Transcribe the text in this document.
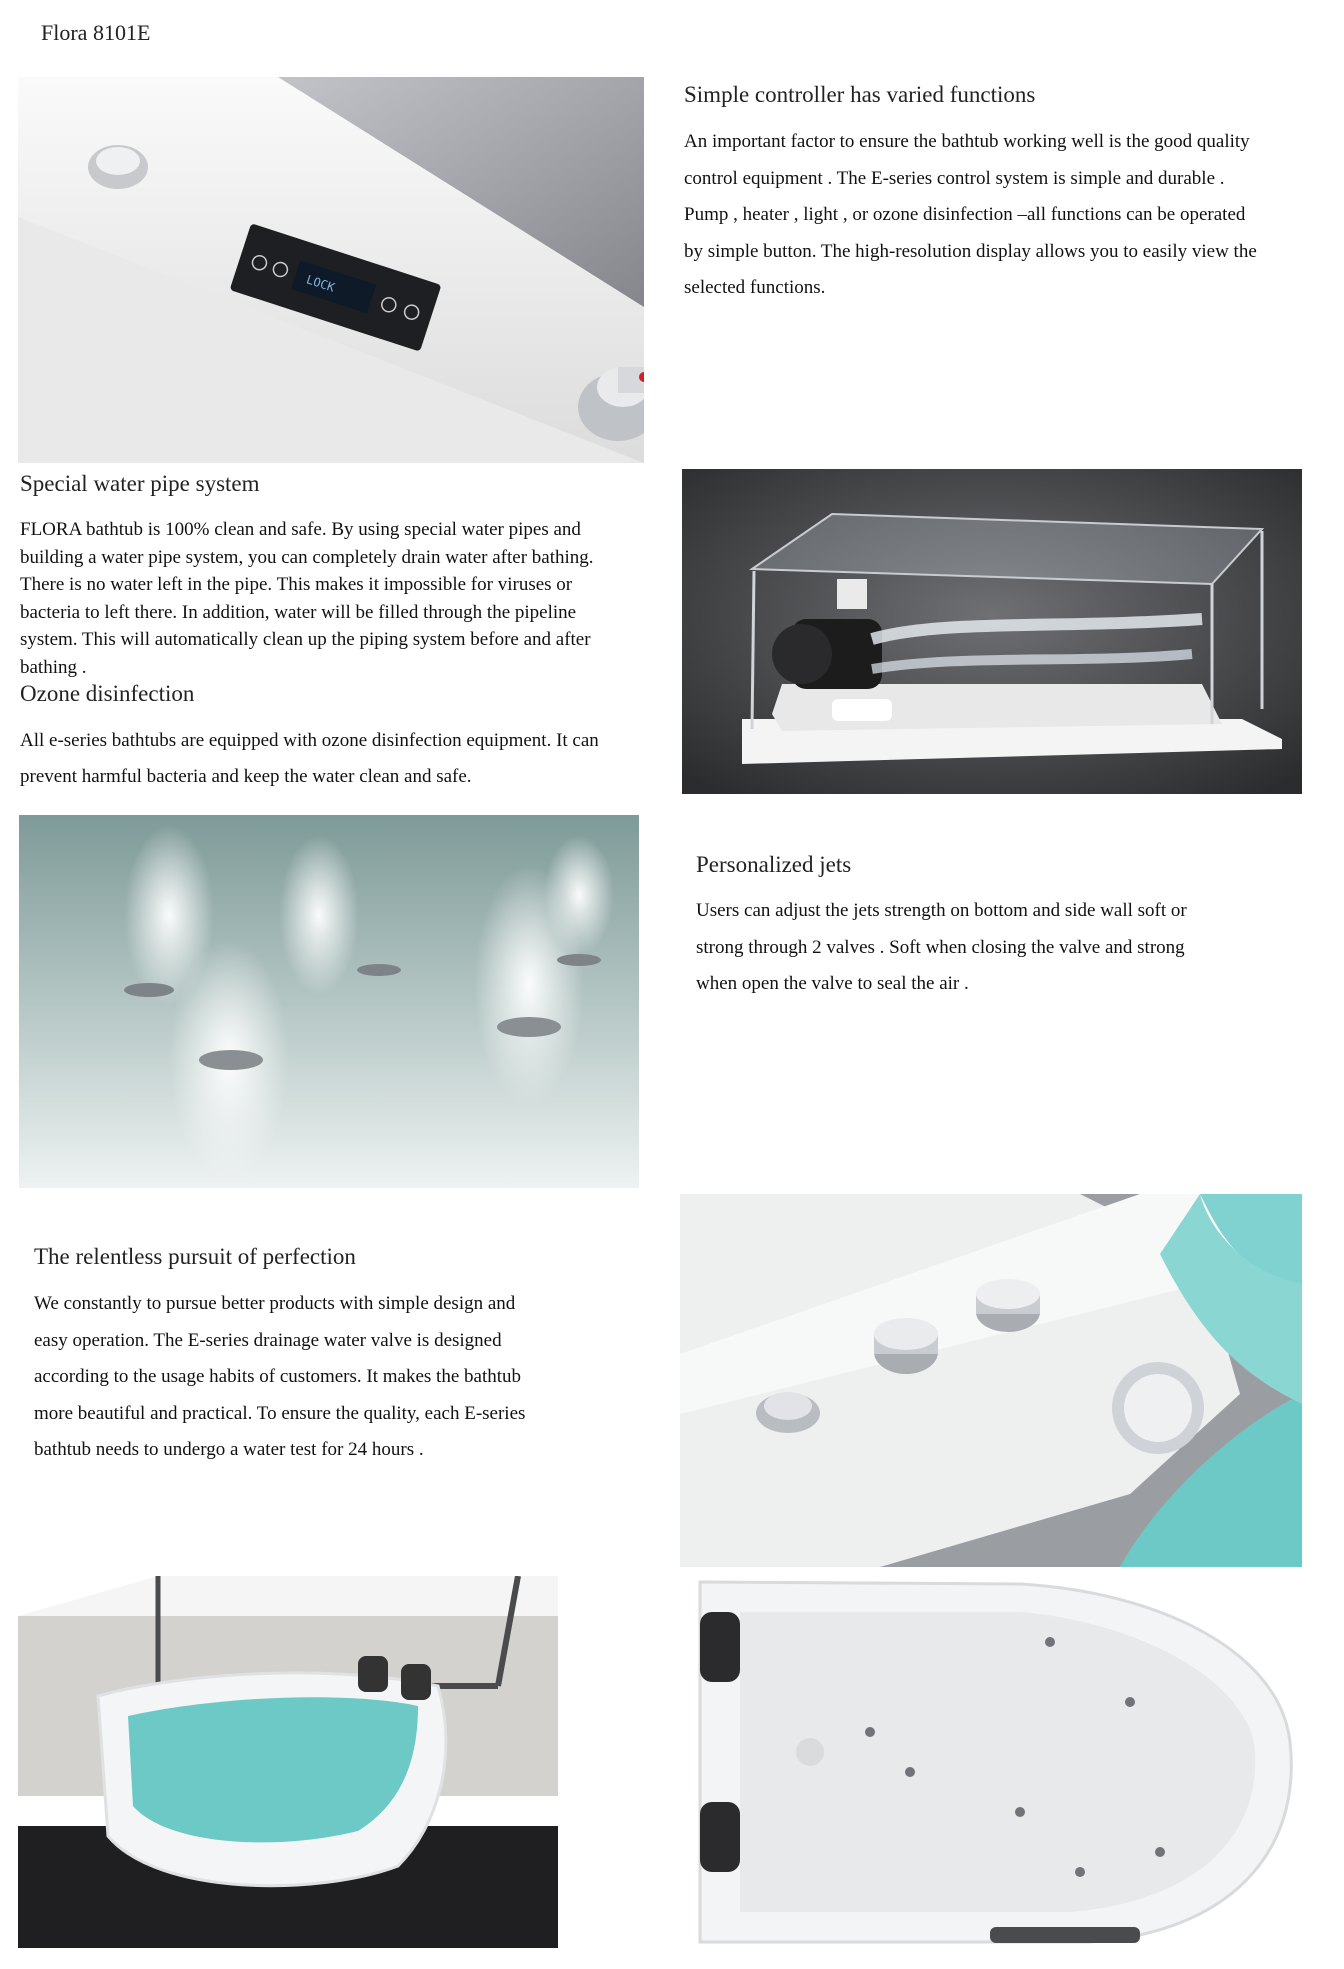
Flora 8101E
LOCK
Simple controller has varied functions

An important factor to ensure the bathtub working well is the good quality

control equipment . The E-series control system is simple and durable .

Pump , heater , light , or ozone disinfection –all functions can be operated

by simple button. The high-resolution display allows you to easily view the

selected functions.

Special water pipe system

FLORA bathtub is 100% clean and safe. By using special water pipes and

building a water pipe system, you can completely drain water after bathing.

There is no water left in the pipe. This makes it impossible for viruses or

bacteria to left there. In addition, water will be filled through the pipeline

system. This will automatically clean up the piping system before and after

bathing .

Ozone disinfection

All e-series bathtubs are equipped with ozone disinfection equipment. It can

prevent harmful bacteria and keep the water clean and safe.

Personalized jets

Users can adjust the jets strength on bottom and side wall soft or

strong through 2 valves . Soft when closing the valve and strong

when open the valve to seal the air .

The relentless pursuit of perfection

We constantly to pursue better products with simple design and

easy operation. The E-series drainage water valve is designed

according to the usage habits of customers. It makes the bathtub

more beautiful and practical. To ensure the quality, each E-series

bathtub needs to undergo a water test for 24 hours .
